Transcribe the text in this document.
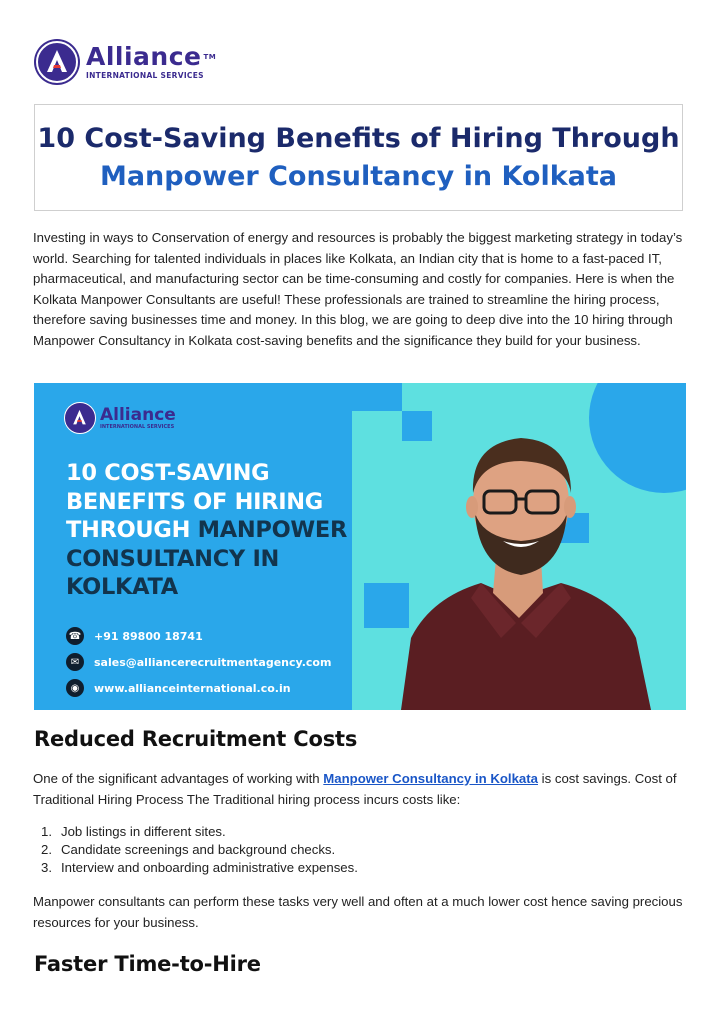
Alliance ™
INTERNATIONAL SERVICES
10 Cost-Saving Benefits of Hiring Through
Manpower Consultancy in Kolkata

Investing in ways to Conservation of energy and resources is probably the biggest marketing strategy in today’s world. Searching for talented individuals in places like Kolkata, an Indian city that is home to a fast-paced IT, pharmaceutical, and manufacturing sector can be time-consuming and costly for companies. Here is when the Kolkata Manpower Consultants are useful! These professionals are trained to streamline the hiring process, therefore saving businesses time and money. In this blog, we are going to deep dive into the 10 hiring through Manpower Consultancy in Kolkata cost-saving benefits and the significance they build for your business.

Alliance
INTERNATIONAL SERVICES
10 COST-SAVING
BENEFITS OF HIRING
THROUGH MANPOWER
CONSULTANCY IN
KOLKATA
☎ +91 89800 18741
✉	sales@alliancerecruitmentagency.com
◉	www.allianceinternational.co.in
Reduced Recruitment Costs

One of the significant advantages of working with Manpower Consultancy in Kolkata is cost savings. Cost of Traditional Hiring Process The Traditional hiring process incurs costs like:

1. Job listings in different sites.
2. Candidate screenings and background checks.
3. Interview and onboarding administrative expenses.

Manpower consultants can perform these tasks very well and often at a much lower cost hence saving precious resources for your business.

Faster Time-to-Hire
